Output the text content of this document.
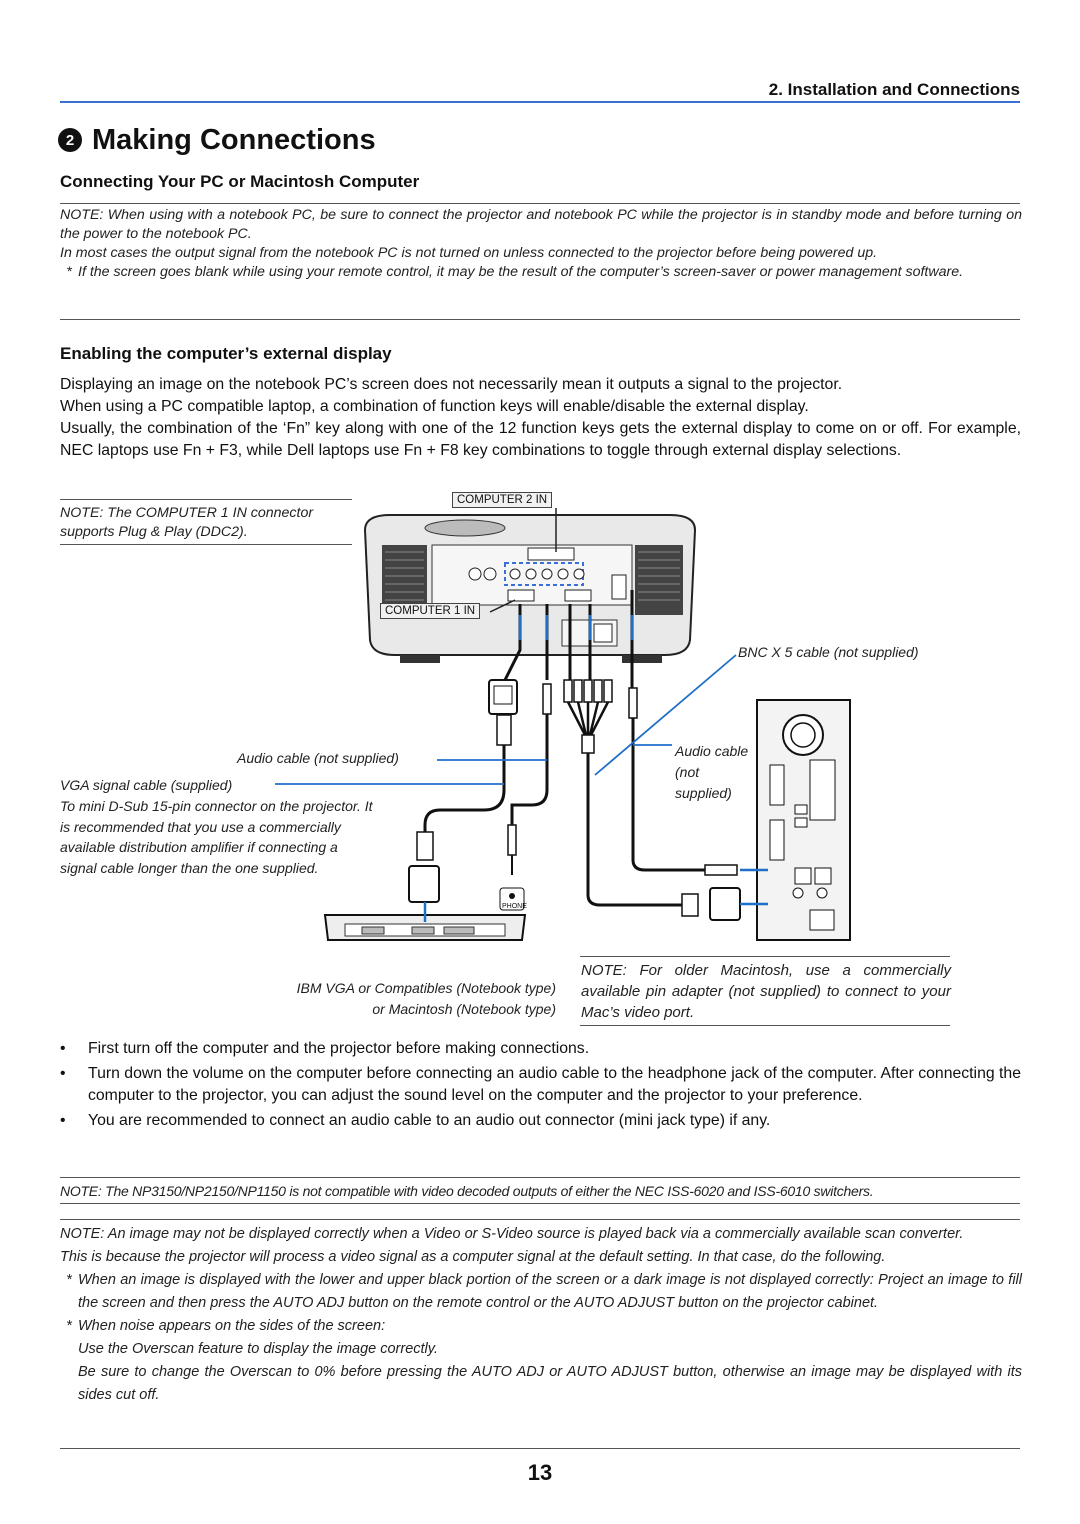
2. Installation and Connections
2 Making Connections
Connecting Your PC or Macintosh Computer

NOTE: When using with a notebook PC, be sure to connect the projector and notebook PC while the projector is in standby mode and before turning on the power to the notebook PC.

In most cases the output signal from the notebook PC is not turned on unless connected to the projector before being powered up.

* If the screen goes blank while using your remote control, it may be the result of the computer’s screen-saver or power management software.
Enabling the computer’s external display

Displaying an image on the notebook PC’s screen does not necessarily mean it outputs a signal to the projector.

When using a PC compatible laptop, a combination of function keys will enable/disable the external display.

Usually, the combination of the ‘Fn” key along with one of the 12 function keys gets the external display to come on or off. For example, NEC laptops use Fn + F3, while Dell laptops use Fn + F8 key combinations to toggle through external display selections.

NOTE: The COMPUTER 1 IN connector supports Plug & Play (DDC2).
COMPUTER 2 IN
COMPUTER 1 IN
BNC X 5 cable (not supplied)
Audio cable (not supplied)
VGA signal cable (supplied)
To mini D-Sub 15-pin connector on the projector. It is recommended that you use a commercially available distribution amplifier if connecting a signal cable longer than the one supplied.
Audio cable (not supplied)
PHONE
IBM VGA or Compatibles (Notebook type) or Macintosh (Notebook type)
NOTE: For older Macintosh, use a commercially available pin adapter (not supplied) to connect to your Mac’s video port.
•	First turn off the computer and the projector before making connections.
•	Turn down the volume on the computer before connecting an audio cable to the headphone jack of the computer. After connecting the computer to the projector, you can adjust the sound level on the computer and the projector to your preference.
•	You are recommended to connect an audio cable to an audio out connector (mini jack type) if any.
NOTE: The NP3150/NP2150/NP1150 is not compatible with video decoded outputs of either the NEC ISS-6020 and ISS-6010 switchers.
NOTE: An image may not be displayed correctly when a Video or S-Video source is played back via a commercially available scan converter.
This is because the projector will process a video signal as a computer signal at the default setting. In that case, do the following.
* When an image is displayed with the lower and upper black portion of the screen or a dark image is not displayed correctly: Project an image to fill the screen and then press the AUTO ADJ button on the remote control or the AUTO ADJUST button on the projector cabinet.
* When noise appears on the sides of the screen:
Use the Overscan feature to display the image correctly.
Be sure to change the Overscan to 0% before pressing the AUTO ADJ or AUTO ADJUST button, otherwise an image may be displayed with its sides cut off.
13
